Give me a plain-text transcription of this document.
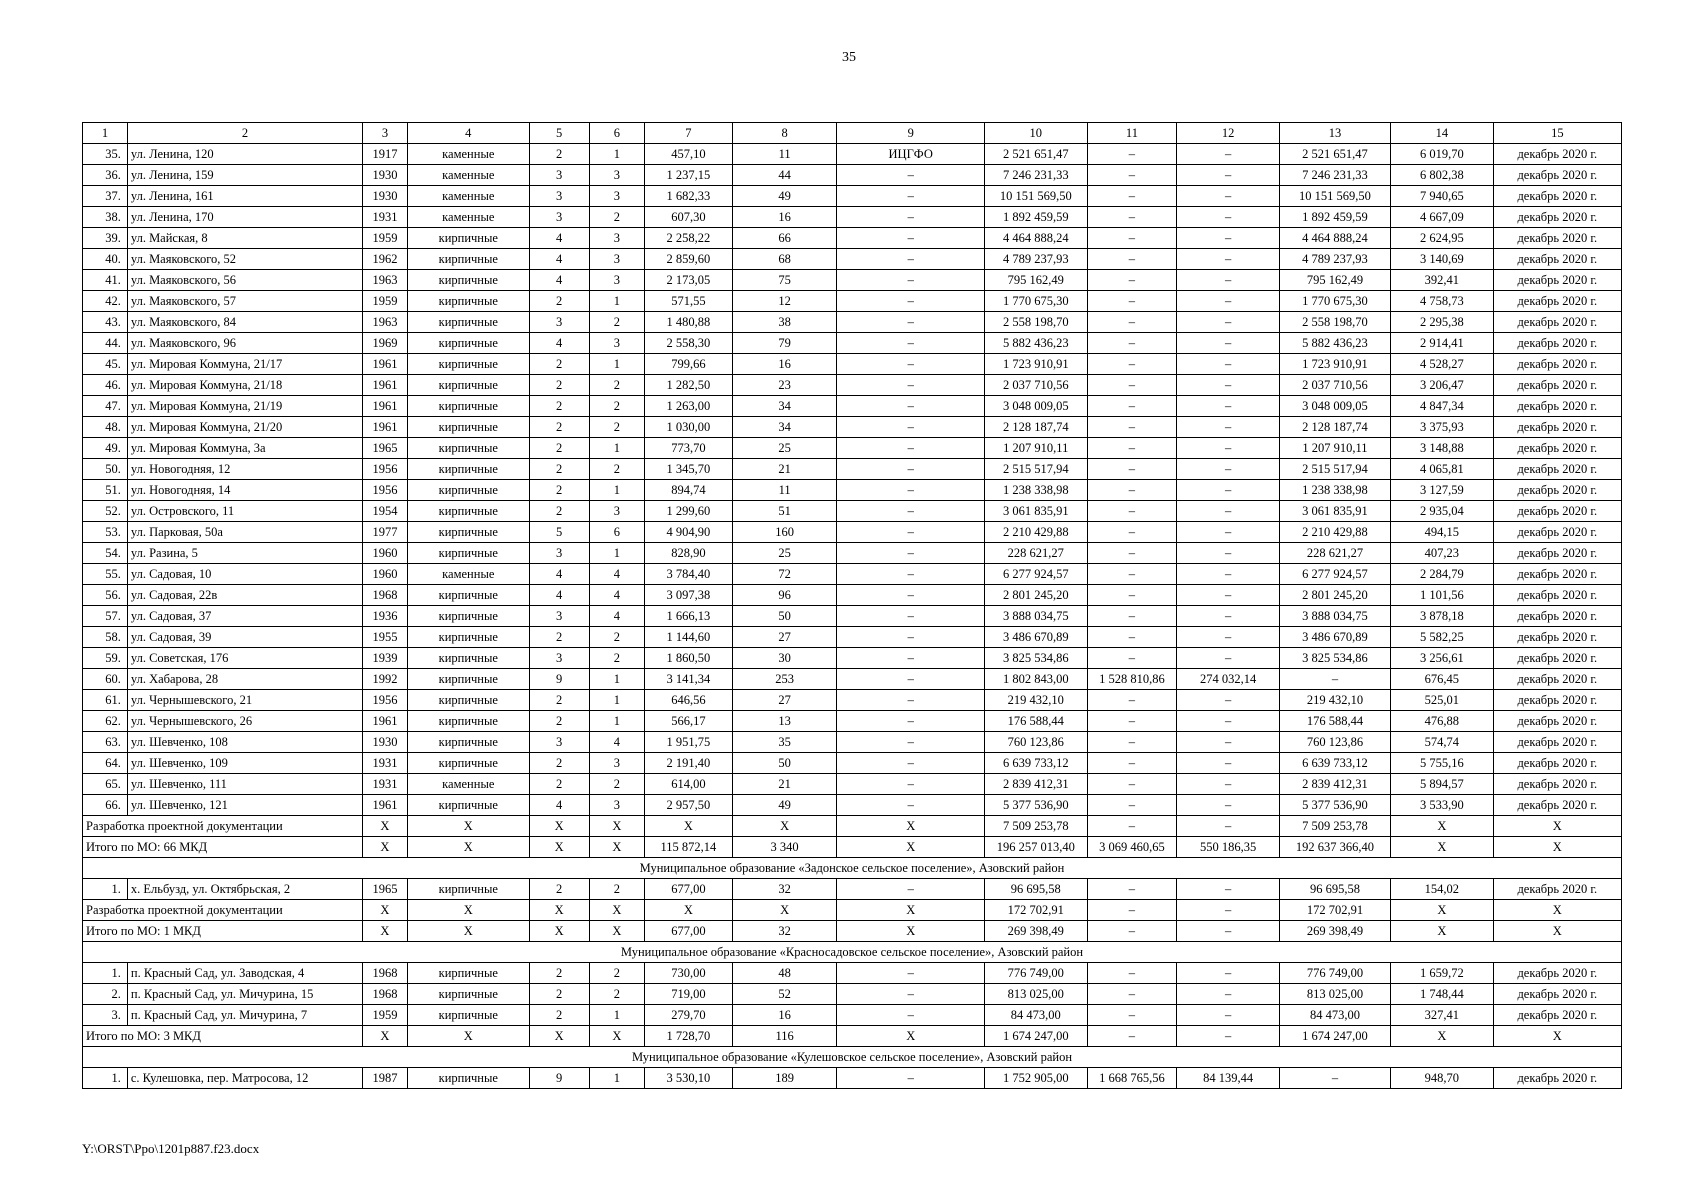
35
1	2	3	4	5	6	7	8	9	10	11	12	13	14	15
35.	ул. Ленина, 120	1917	каменные	2	1	457,10	11	ИЦГФО	2 521 651,47	–	–	2 521 651,47	6 019,70	декабрь 2020 г.
36.	ул. Ленина, 159	1930	каменные	3	3	1 237,15	44	–	7 246 231,33	–	–	7 246 231,33	6 802,38	декабрь 2020 г.
37.	ул. Ленина, 161	1930	каменные	3	3	1 682,33	49	–	10 151 569,50	–	–	10 151 569,50	7 940,65	декабрь 2020 г.
38.	ул. Ленина, 170	1931	каменные	3	2	607,30	16	–	1 892 459,59	–	–	1 892 459,59	4 667,09	декабрь 2020 г.
39.	ул. Майская, 8	1959	кирпичные	4	3	2 258,22	66	–	4 464 888,24	–	–	4 464 888,24	2 624,95	декабрь 2020 г.
40.	ул. Маяковского, 52	1962	кирпичные	4	3	2 859,60	68	–	4 789 237,93	–	–	4 789 237,93	3 140,69	декабрь 2020 г.
41.	ул. Маяковского, 56	1963	кирпичные	4	3	2 173,05	75	–	795 162,49	–	–	795 162,49	392,41	декабрь 2020 г.
42.	ул. Маяковского, 57	1959	кирпичные	2	1	571,55	12	–	1 770 675,30	–	–	1 770 675,30	4 758,73	декабрь 2020 г.
43.	ул. Маяковского, 84	1963	кирпичные	3	2	1 480,88	38	–	2 558 198,70	–	–	2 558 198,70	2 295,38	декабрь 2020 г.
44.	ул. Маяковского, 96	1969	кирпичные	4	3	2 558,30	79	–	5 882 436,23	–	–	5 882 436,23	2 914,41	декабрь 2020 г.
45.	ул. Мировая Коммуна, 21/17	1961	кирпичные	2	1	799,66	16	–	1 723 910,91	–	–	1 723 910,91	4 528,27	декабрь 2020 г.
46.	ул. Мировая Коммуна, 21/18	1961	кирпичные	2	2	1 282,50	23	–	2 037 710,56	–	–	2 037 710,56	3 206,47	декабрь 2020 г.
47.	ул. Мировая Коммуна, 21/19	1961	кирпичные	2	2	1 263,00	34	–	3 048 009,05	–	–	3 048 009,05	4 847,34	декабрь 2020 г.
48.	ул. Мировая Коммуна, 21/20	1961	кирпичные	2	2	1 030,00	34	–	2 128 187,74	–	–	2 128 187,74	3 375,93	декабрь 2020 г.
49.	ул. Мировая Коммуна, 3а	1965	кирпичные	2	1	773,70	25	–	1 207 910,11	–	–	1 207 910,11	3 148,88	декабрь 2020 г.
50.	ул. Новогодняя, 12	1956	кирпичные	2	2	1 345,70	21	–	2 515 517,94	–	–	2 515 517,94	4 065,81	декабрь 2020 г.
51.	ул. Новогодняя, 14	1956	кирпичные	2	1	894,74	11	–	1 238 338,98	–	–	1 238 338,98	3 127,59	декабрь 2020 г.
52.	ул. Островского, 11	1954	кирпичные	2	3	1 299,60	51	–	3 061 835,91	–	–	3 061 835,91	2 935,04	декабрь 2020 г.
53.	ул. Парковая, 50а	1977	кирпичные	5	6	4 904,90	160	–	2 210 429,88	–	–	2 210 429,88	494,15	декабрь 2020 г.
54.	ул. Разина, 5	1960	кирпичные	3	1	828,90	25	–	228 621,27	–	–	228 621,27	407,23	декабрь 2020 г.
55.	ул. Садовая, 10	1960	каменные	4	4	3 784,40	72	–	6 277 924,57	–	–	6 277 924,57	2 284,79	декабрь 2020 г.
56.	ул. Садовая, 22в	1968	кирпичные	4	4	3 097,38	96	–	2 801 245,20	–	–	2 801 245,20	1 101,56	декабрь 2020 г.
57.	ул. Садовая, 37	1936	кирпичные	3	4	1 666,13	50	–	3 888 034,75	–	–	3 888 034,75	3 878,18	декабрь 2020 г.
58.	ул. Садовая, 39	1955	кирпичные	2	2	1 144,60	27	–	3 486 670,89	–	–	3 486 670,89	5 582,25	декабрь 2020 г.
59.	ул. Советская, 176	1939	кирпичные	3	2	1 860,50	30	–	3 825 534,86	–	–	3 825 534,86	3 256,61	декабрь 2020 г.
60.	ул. Хабарова, 28	1992	кирпичные	9	1	3 141,34	253	–	1 802 843,00	1 528 810,86	274 032,14	–	676,45	декабрь 2020 г.
61.	ул. Чернышевского, 21	1956	кирпичные	2	1	646,56	27	–	219 432,10	–	–	219 432,10	525,01	декабрь 2020 г.
62.	ул. Чернышевского, 26	1961	кирпичные	2	1	566,17	13	–	176 588,44	–	–	176 588,44	476,88	декабрь 2020 г.
63.	ул. Шевченко, 108	1930	кирпичные	3	4	1 951,75	35	–	760 123,86	–	–	760 123,86	574,74	декабрь 2020 г.
64.	ул. Шевченко, 109	1931	кирпичные	2	3	2 191,40	50	–	6 639 733,12	–	–	6 639 733,12	5 755,16	декабрь 2020 г.
65.	ул. Шевченко, 111	1931	каменные	2	2	614,00	21	–	2 839 412,31	–	–	2 839 412,31	5 894,57	декабрь 2020 г.
66.	ул. Шевченко, 121	1961	кирпичные	4	3	2 957,50	49	–	5 377 536,90	–	–	5 377 536,90	3 533,90	декабрь 2020 г.
Разработка проектной документации		Х	Х	Х	Х	Х	Х	Х	7 509 253,78	–	–	7 509 253,78	Х	Х
Итого по МО: 66 МКД		Х	Х	Х	Х	115 872,14	3 340	Х	196 257 013,40	3 069 460,65	550 186,35	192 637 366,40	Х	Х
Муниципальное образование «Задонское сельское поселение», Азовский район														
1.	х. Ельбузд, ул. Октябрьская, 2	1965	кирпичные	2	2	677,00	32	–	96 695,58	–	–	96 695,58	154,02	декабрь 2020 г.
Разработка проектной документации		Х	Х	Х	Х	Х	Х	Х	172 702,91	–	–	172 702,91	Х	Х
Итого по МО: 1 МКД		Х	Х	Х	Х	677,00	32	Х	269 398,49	–	–	269 398,49	Х	Х
Муниципальное образование «Красносадовское сельское поселение», Азовский район														
1.	п. Красный Сад, ул. Заводская, 4	1968	кирпичные	2	2	730,00	48	–	776 749,00	–	–	776 749,00	1 659,72	декабрь 2020 г.
2.	п. Красный Сад, ул. Мичурина, 15	1968	кирпичные	2	2	719,00	52	–	813 025,00	–	–	813 025,00	1 748,44	декабрь 2020 г.
3.	п. Красный Сад, ул. Мичурина, 7	1959	кирпичные	2	1	279,70	16	–	84 473,00	–	–	84 473,00	327,41	декабрь 2020 г.
Итого по МО: 3 МКД		Х	Х	Х	Х	1 728,70	116	Х	1 674 247,00	–	–	1 674 247,00	Х	Х
Муниципальное образование «Кулешовское сельское поселение», Азовский район														
1.	с. Кулешовка, пер. Матросова, 12	1987	кирпичные	9	1	3 530,10	189	–	1 752 905,00	1 668 765,56	84 139,44	–	948,70	декабрь 2020 г.
Y:\ORST\Ppo\1201p887.f23.docx
